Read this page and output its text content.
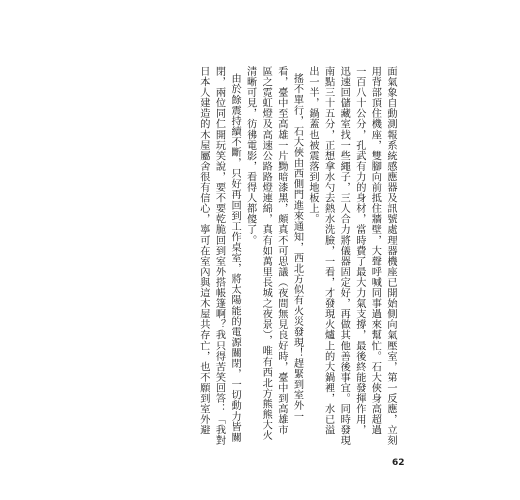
面氣象自動測報系統感應器及訊號處理器機座已開始側向氣壓室，第一反應，立刻
用背部頂住機座，雙腳向前抵住牆壁，大聲呼喊同事過來幫忙。石大俠身高超過
一百八十公分，孔武有力的身材，當時費了最大力氣支撐，最後終能發揮作用，
迅速回儲藏室找一些繩子，三人合力將儀器固定好，再做其他善後事宜。同時發現
南點三十五分，正想拿水勺去熱水洗臉，一看，才發現火爐上的大鍋裡，水已溢
出一半，鍋蓋也被震落到地板上。

搖不單行，石大俠由西側門進來通知，西北方似有火災發現！趕緊到室外一
看，臺中至高雄一片黝暗漆黑，頗真不可思議（夜間無見良好時，臺中到高雄市
區之霓虹燈及高速公路路燈連綿，真有如萬里長城之夜景），唯有西北方熊熊大火
清晰可見，彷彿電影，看得人都傻了。

由於餘震持續不斷，只好再回到工作桌室，將太陽能的電源關閉，一切動力皆關
閉，兩位同仁開玩笑說，要不要乾脆回到室外搭帳篷啊？我只得苦笑回答：「我對
日本人建造的木屋屬舍很有信心，寧可在室內與這木屋共存亡，也不願到室外避

62
